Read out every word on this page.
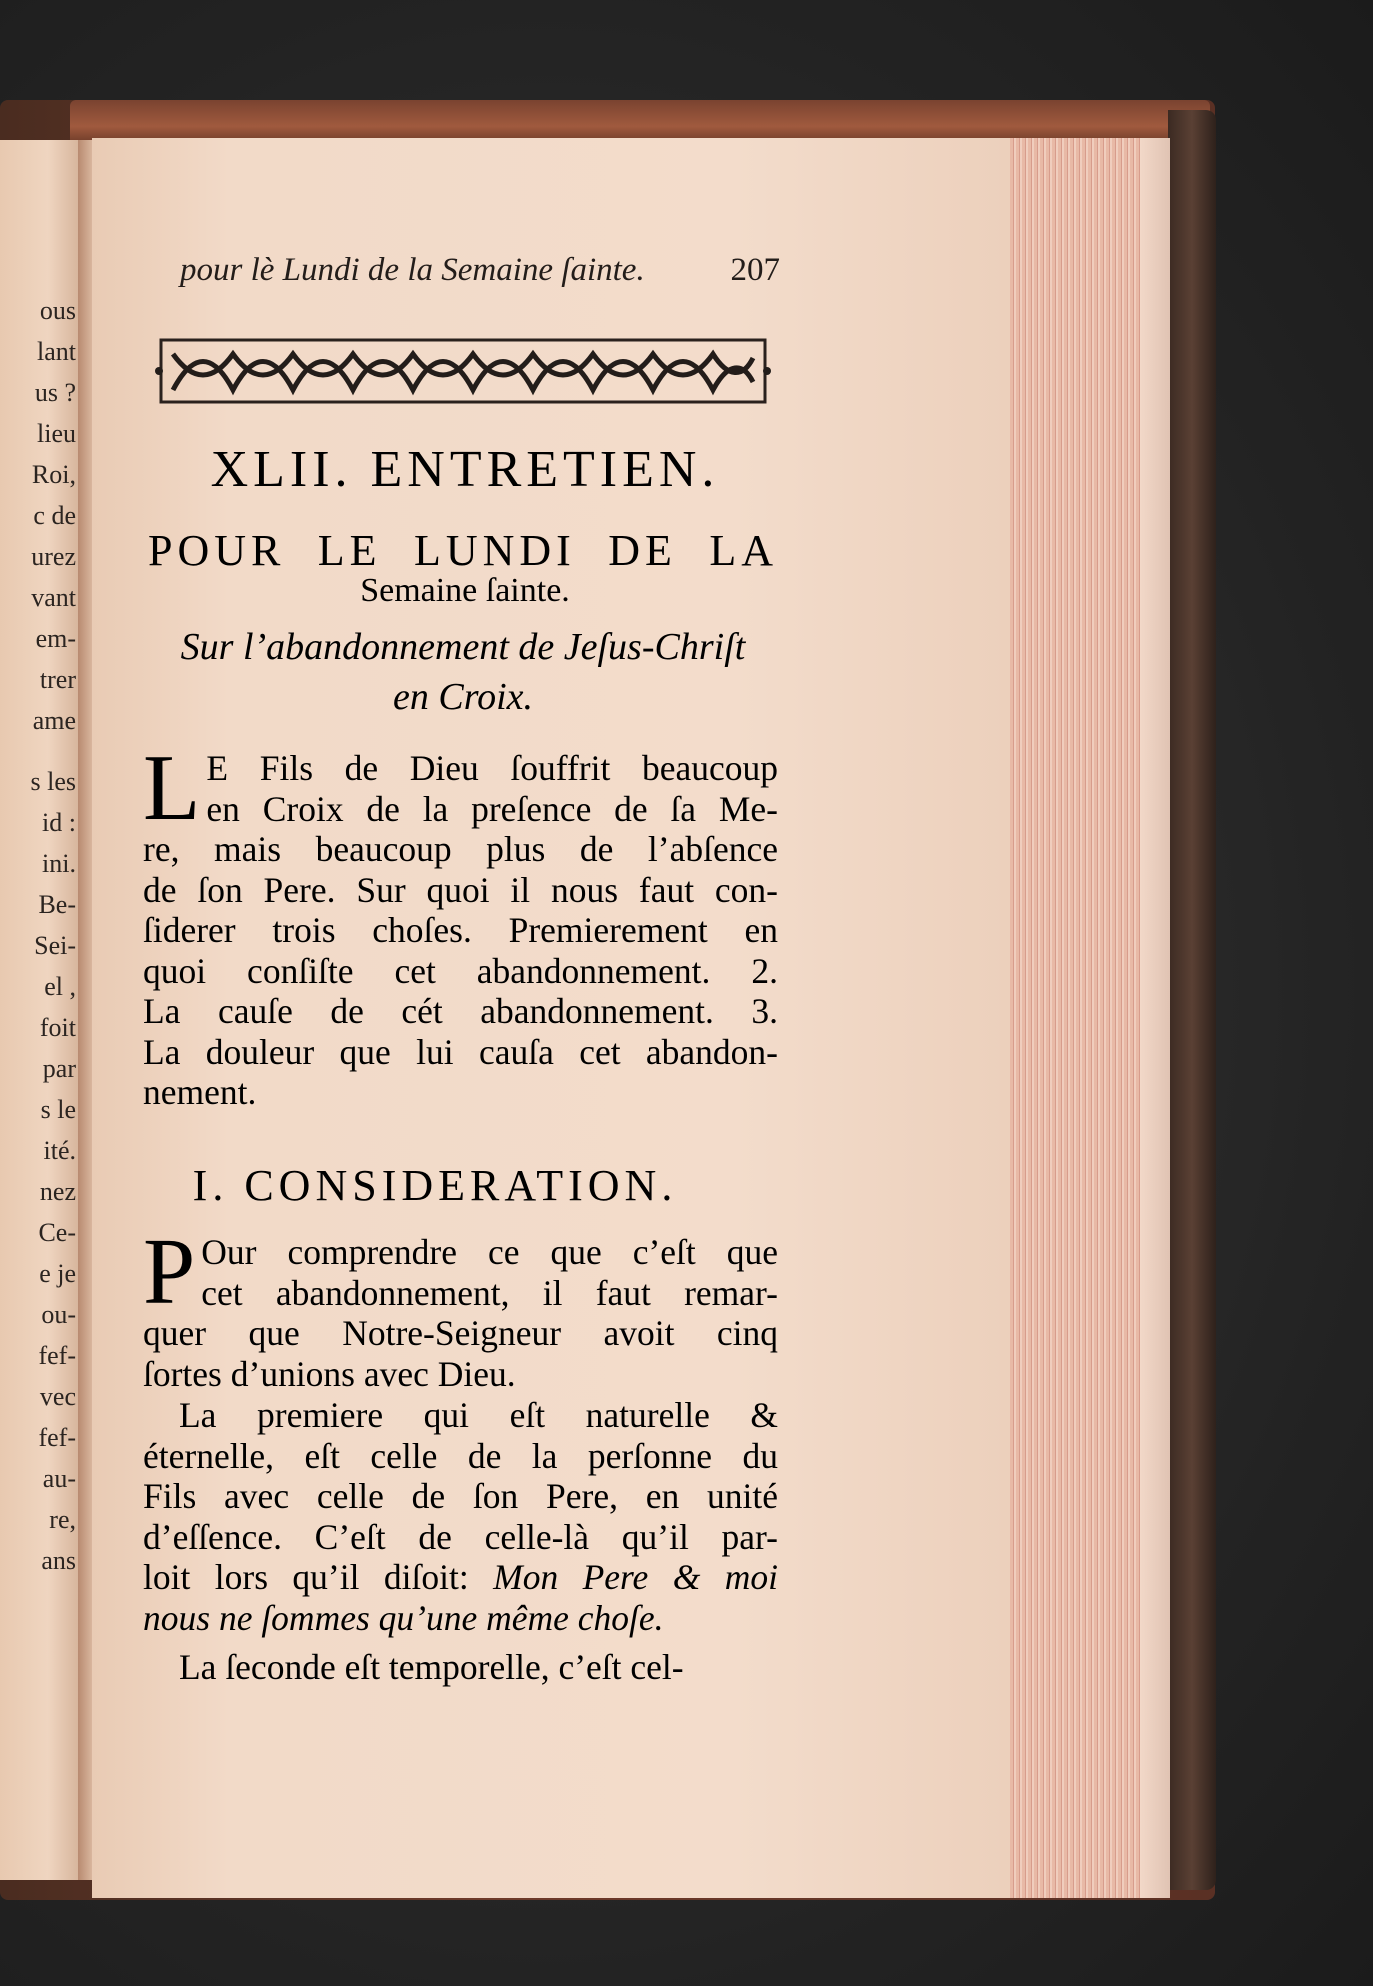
ous
lant
us ?
lieu
Roi,
c de
urez
vant
em-
trer
ame
s les
id :
ini.
Be-
Sei-
el ,
foit
par
s le
ité.
nez
Ce-
e je
ou-
fef-
vec
fef-
au-
re,
ans
pour lè Lundi de la Semaine ſainte.	207
XLII. ENTRETIEN.
POUR LE LUNDI DE LA
Semaine ſainte.
Sur l’abandonnement de Jeſus-Chriſt
en Croix.
L E Fils de Dieu ſouffrit beaucoup
en Croix de la preſence de ſa Me-
re, mais beaucoup plus de l’abſence
de ſon Pere. Sur quoi il nous faut con-
ſiderer trois choſes. Premierement en
quoi conſiſte cet abandonnement. 2.
La cauſe de cét abandonnement. 3.
La douleur que lui cauſa cet abandon-
nement.
I. CONSIDERATION.
P Our comprendre ce que c’eſt que
cet abandonnement, il faut remar-
quer que Notre-Seigneur avoit cinq
ſortes d’unions avec Dieu.
La premiere qui eſt naturelle &
éternelle, eſt celle de la perſonne du
Fils avec celle de ſon Pere, en unité
d’eſſence. C’eſt de celle-là qu’il par-
loit lors qu’il diſoit: Mon Pere & moi
nous ne ſommes qu’une même choſe.
La ſeconde eſt temporelle, c’eſt cel-
